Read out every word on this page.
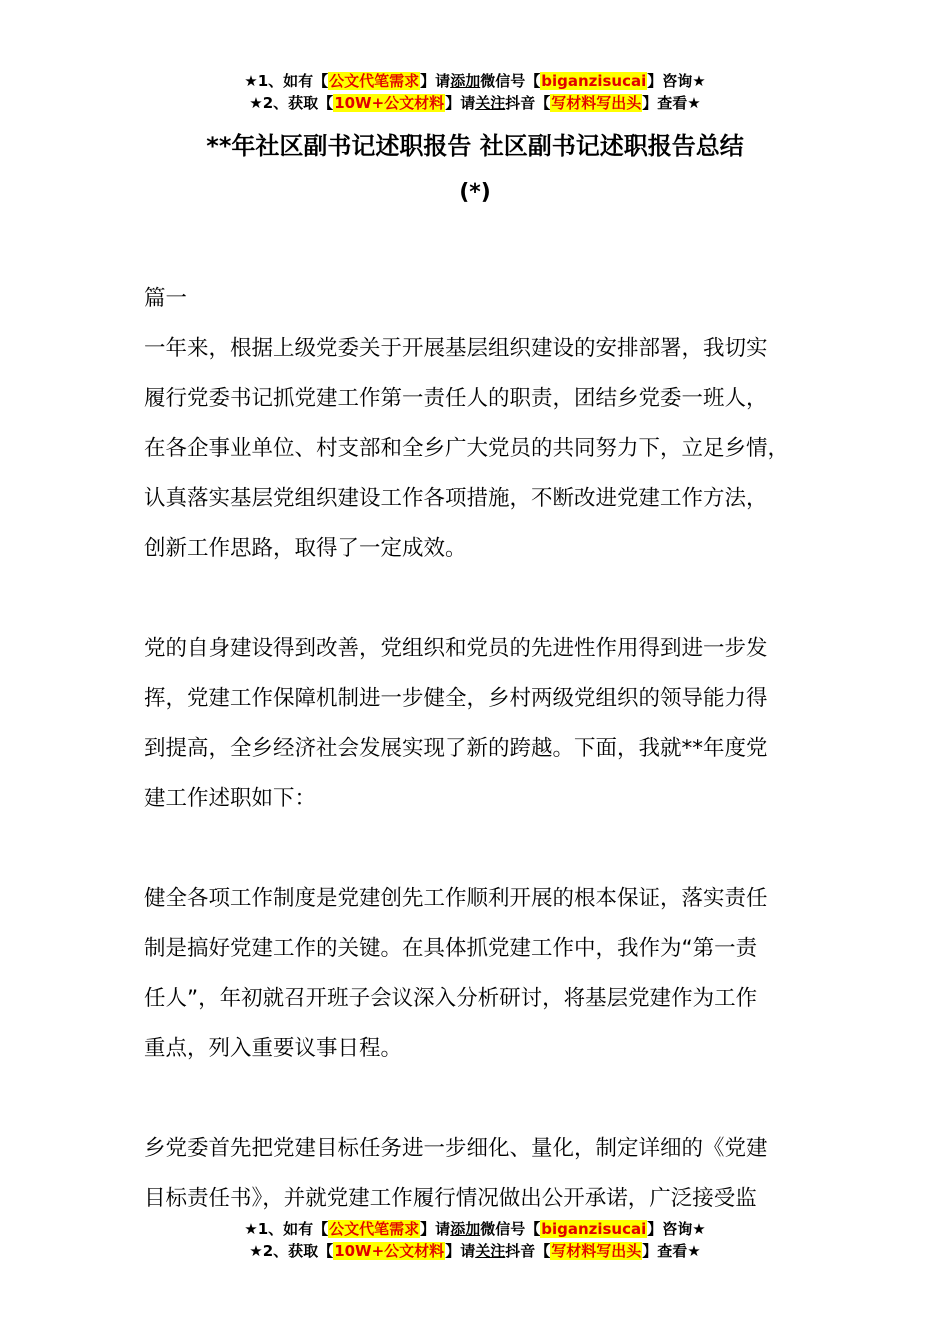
★1、如有【公文代笔需求】请添加微信号【biganzisucai】咨询★
★2、获取【10W+公文材料】请关注抖音【写材料写出头】查看★
**年社区副书记述职报告 社区副书记述职报告总结
(*)
篇一
一年来，根据上级党委关于开展基层组织建设的安排部署，我切实
履行党委书记抓党建工作第一责任人的职责，团结乡党委一班人，
在各企事业单位、村支部和全乡广大党员的共同努力下，立足乡情，
认真落实基层党组织建设工作各项措施，不断改进党建工作方法，
创新工作思路，取得了一定成效。
党的自身建设得到改善，党组织和党员的先进性作用得到进一步发
挥，党建工作保障机制进一步健全，乡村两级党组织的领导能力得
到提高，全乡经济社会发展实现了新的跨越。下面，我就**年度党
建工作述职如下：
健全各项工作制度是党建创先工作顺利开展的根本保证，落实责任
制是搞好党建工作的关键。在具体抓党建工作中，我作为“第一责
任人”，年初就召开班子会议深入分析研讨，将基层党建作为工作
重点，列入重要议事日程。
乡党委首先把党建目标任务进一步细化、量化，制定详细的《党建
目标责任书》，并就党建工作履行情况做出公开承诺，广泛接受监
★1、如有【公文代笔需求】请添加微信号【biganzisucai】咨询★
★2、获取【10W+公文材料】请关注抖音【写材料写出头】查看★
